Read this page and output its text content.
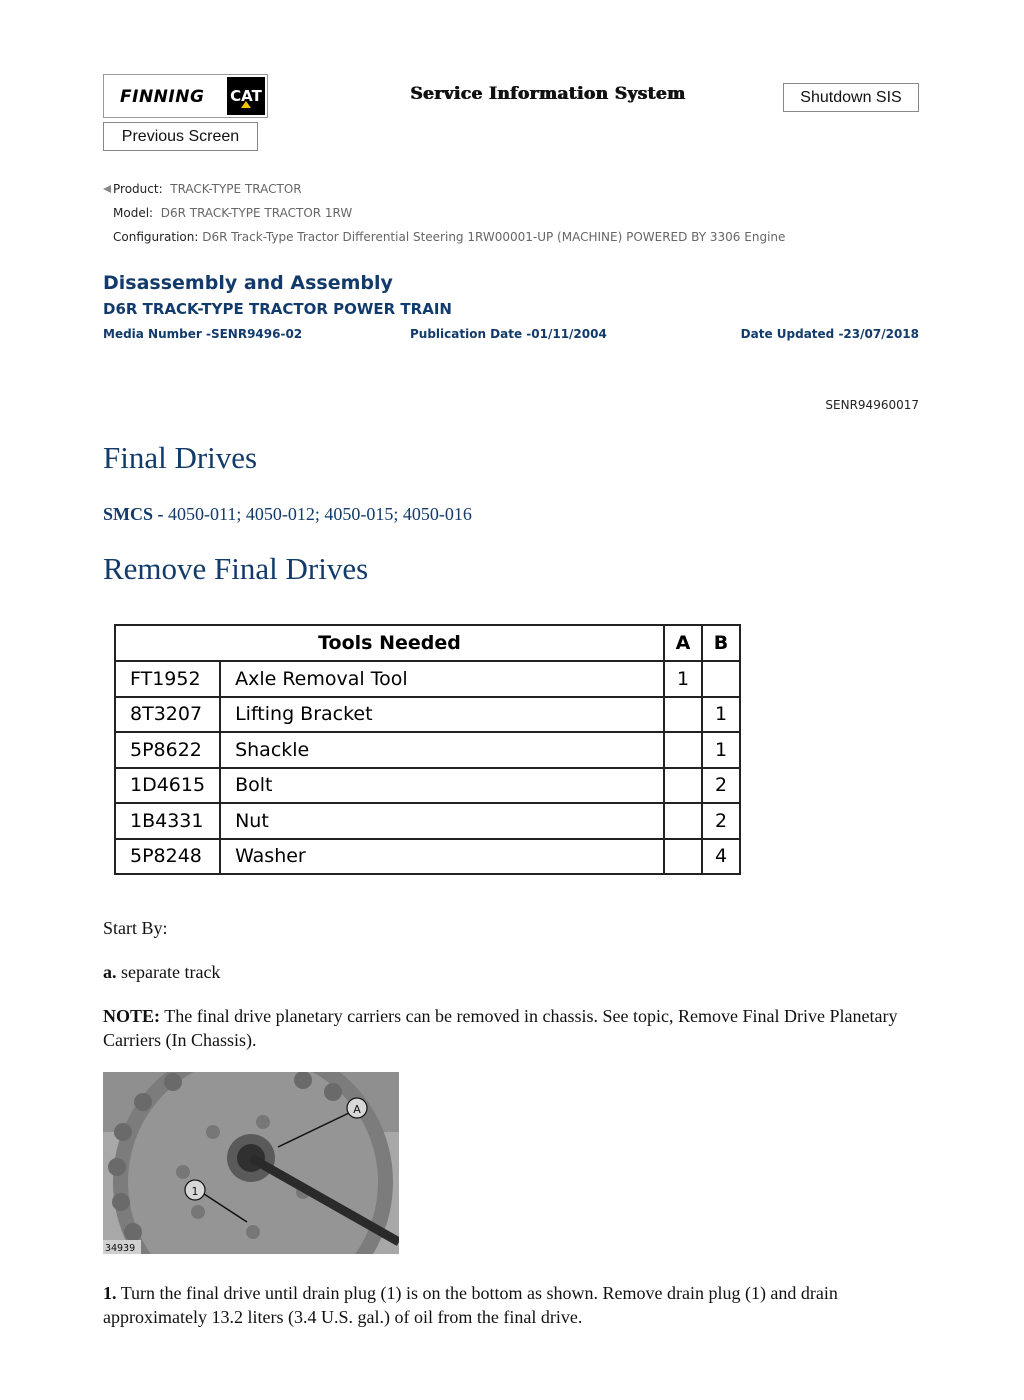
FINNING CAT	Service Information System	Shutdown SIS
Previous Screen
Product: TRACK-TYPE TRACTOR
Model: D6R TRACK-TYPE TRACTOR 1RW
Configuration: D6R Track-Type Tractor Differential Steering 1RW00001-UP (MACHINE) POWERED BY 3306 Engine
Disassembly and Assembly
D6R TRACK-TYPE TRACTOR POWER TRAIN
Media Number -SENR9496-02	Publication Date -01/11/2004	Date Updated -23/07/2018
SENR94960017
Final Drives
SMCS - 4050-011; 4050-012; 4050-015; 4050-016
Remove Final Drives
Tools Needed		A	B
FT1952	Axle Removal Tool	1	
8T3207	Lifting Bracket		1
5P8622	Shackle		1
1D4615	Bolt		2
1B4331	Nut		2
5P8248	Washer		4
Start By:
a. separate track
NOTE: The final drive planetary carriers can be removed in chassis. See topic, Remove Final Drive Planetary Carriers (In Chassis).
A
1
34939
1. Turn the final drive until drain plug (1) is on the bottom as shown. Remove drain plug (1) and drain approximately 13.2 liters (3.4 U.S. gal.) of oil from the final drive.
